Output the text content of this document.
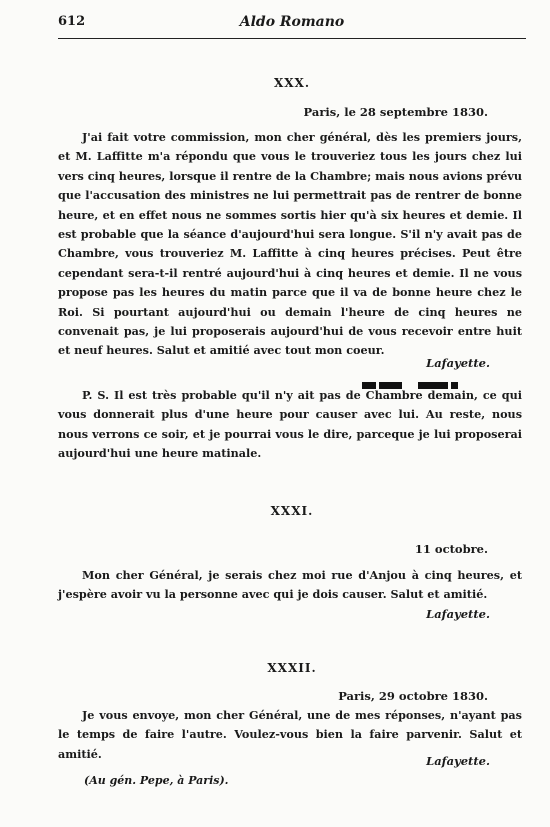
612	Aldo Romano
XXX.
Paris, le 28 septembre 1830.

J'ai fait votre commission, mon cher général, dès les premiers jours, et M. Laffitte m'a répondu que vous le trouveriez tous les jours chez lui vers cinq heures, lorsque il rentre de la Chambre; mais nous avions prévu que l'accusation des ministres ne lui permettrait pas de rentrer de bonne heure, et en effet nous ne sommes sortis hier qu'à six heures et demie. Il est probable que la séance d'aujourd'hui sera longue. S'il n'y avait pas de Chambre, vous trouveriez M. Laffitte à cinq heures précises. Peut être cependant sera-t-il rentré aujourd'hui à cinq heures et demie. Il ne vous propose pas les heures du matin parce que il va de bonne heure chez le Roi. Si pourtant aujourd'hui ou demain l'heure de cinq heures ne convenait pas, je lui proposerais aujourd'hui de vous recevoir entre huit et neuf heures. Salut et amitié avec tout mon coeur.

Lafayette.

P. S. Il est très probable qu'il n'y ait pas de Chambre demain, ce qui vous donnerait plus d'une heure pour causer avec lui. Au reste, nous nous verrons ce soir, et je pourrai vous le dire, parceque je lui proposerai aujourd'hui une heure matinale.

XXXI.
11 octobre.

Mon cher Général, je serais chez moi rue d'Anjou à cinq heures, et j'espère avoir vu la personne avec qui je dois causer. Salut et amitié.

Lafayette.
XXXII.
Paris, 29 octobre 1830.

Je vous envoye, mon cher Général, une de mes réponses, n'ayant pas le temps de faire l'autre. Voulez-vous bien la faire parvenir. Salut et amitié.

Lafayette.
(Au gén. Pepe, à Paris).
